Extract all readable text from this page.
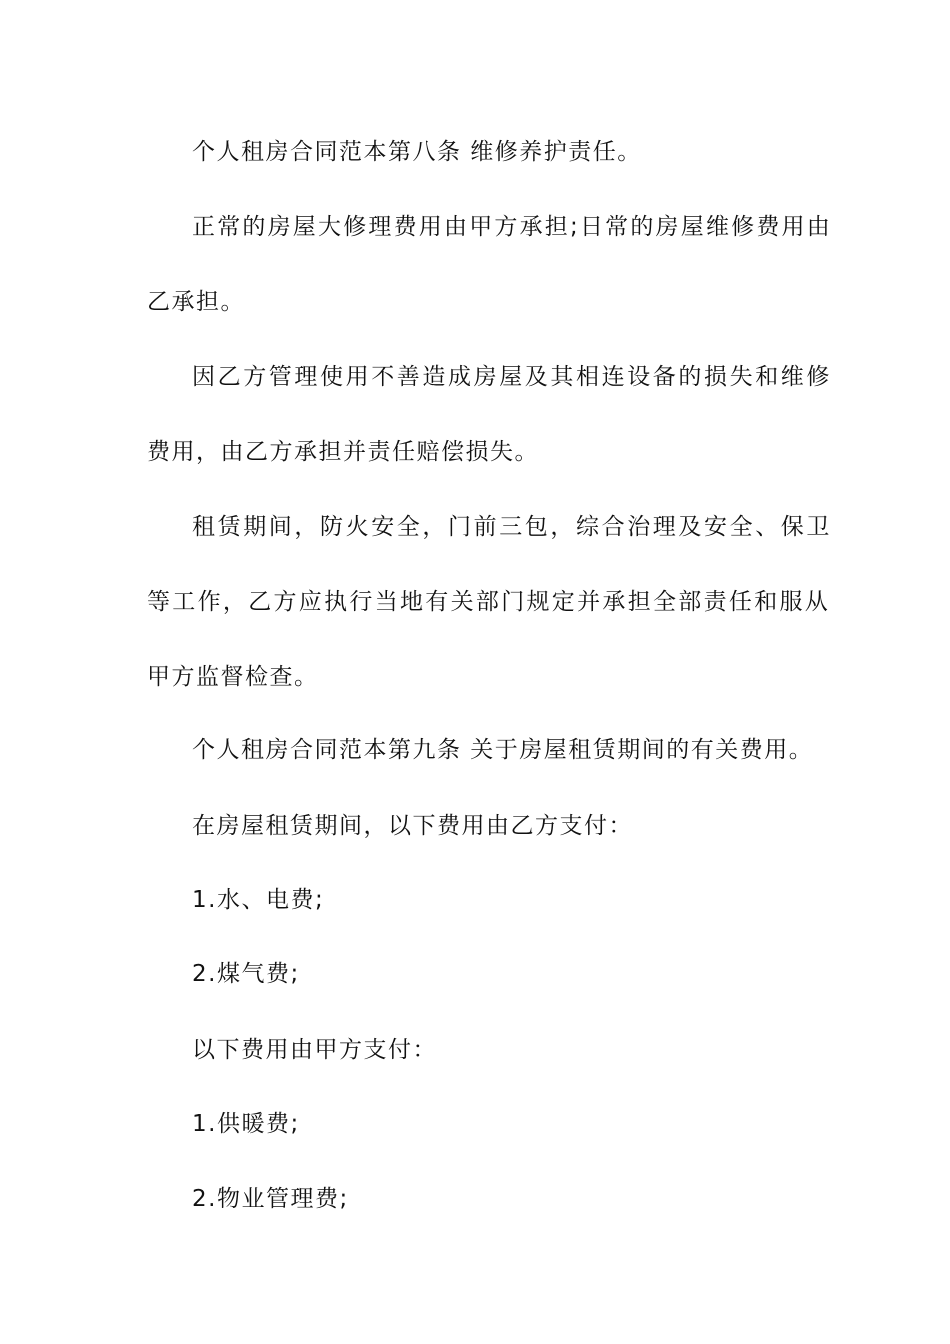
个人租房合同范本第八条 维修养护责任。
正常的房屋大修理费用由甲方承担;日常的房屋维修费用由
乙承担。
因乙方管理使用不善造成房屋及其相连设备的损失和维修
费用，由乙方承担并责任赔偿损失。
租赁期间，防火安全，门前三包，综合治理及安全、保卫
等工作，乙方应执行当地有关部门规定并承担全部责任和服从
甲方监督检查。
个人租房合同范本第九条 关于房屋租赁期间的有关费用。
在房屋租赁期间，以下费用由乙方支付：
1.水、电费;
2.煤气费;
以下费用由甲方支付：
1.供暖费;
2.物业管理费;
